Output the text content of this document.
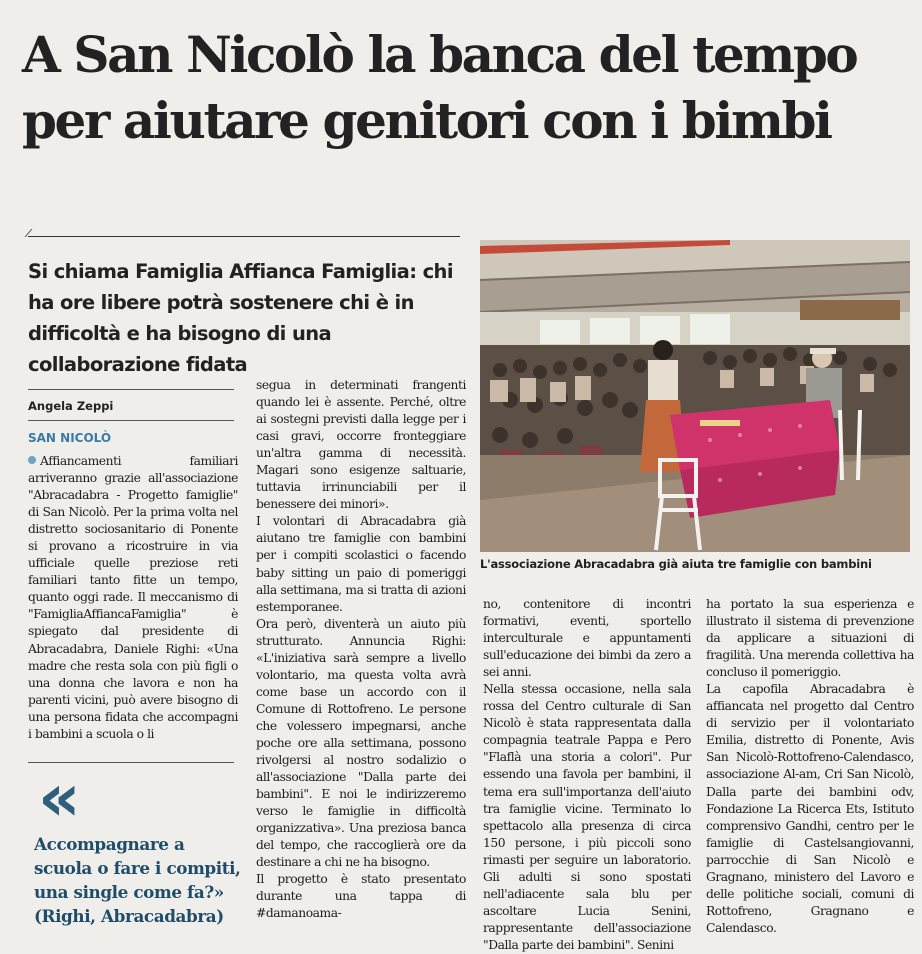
A San Nicolò la banca del tempo per aiutare genitori con i bimbi
Si chiama Famiglia Affianca Famiglia: chi ha ore libere potrà sostenere chi è in difficoltà e ha bisogno di una collaborazione fidata
L'associazione Abracadabra già aiuta tre famiglie con bambini
Angela Zeppi
SAN NICOLÒ

Affiancamenti familiari arriveranno grazie all'associazione "Abracadabra - Progetto famiglie" di San Nicolò. Per la prima volta nel distretto sociosanitario di Ponente si provano a ricostruire in via ufficiale quelle preziose reti familiari tanto fitte un tempo, quanto oggi rade. Il meccanismo di "FamigliaAffiancaFamiglia" è spiegato dal presidente di Abracadabra, Daniele Righi: «Una madre che resta sola con più figli o una donna che lavora e non ha parenti vicini, può avere bisogno di una persona fidata che accompagni i bambini a scuola o li

«
Accompagnare a scuola o fare i compiti, una single come fa?» (Righi, Abracadabra)

segua in determinati frangenti quando lei è assente. Perché, oltre ai sostegni previsti dalla legge per i casi gravi, occorre fronteggiare un'altra gamma di necessità. Magari sono esigenze saltuarie, tuttavia irrinunciabili per il benessere dei minori».

I volontari di Abracadabra già aiutano tre famiglie con bambini per i compiti scolastici o facendo baby sitting un paio di pomeriggi alla settimana, ma si tratta di azioni estemporanee.

Ora però, diventerà un aiuto più strutturato. Annuncia Righi: «L'iniziativa sarà sempre a livello volontario, ma questa volta avrà come base un accordo con il Comune di Rottofreno. Le persone che volessero impegnarsi, anche poche ore alla settimana, possono rivolgersi al nostro sodalizio o all'associazione "Dalla parte dei bambini". E noi le indirizzeremo verso le famiglie in difficoltà organizzativa». Una preziosa banca del tempo, che raccoglierà ore da destinare a chi ne ha bisogno.

Il progetto è stato presentato durante una tappa di #damanoama-

no, contenitore di incontri formativi, eventi, sportello interculturale e appuntamenti sull'educazione dei bimbi da zero a sei anni.

Nella stessa occasione, nella sala rossa del Centro culturale di San Nicolò è stata rappresentata dalla compagnia teatrale Pappa e Pero "Flaflà una storia a colori". Pur essendo una favola per bambini, il tema era sull'importanza dell'aiuto tra famiglie vicine. Terminato lo spettacolo alla presenza di circa 150 persone, i più piccoli sono rimasti per seguire un laboratorio. Gli adulti si sono spostati nell'adiacente sala blu per ascoltare Lucia Senini, rappresentante dell'associazione "Dalla parte dei bambini". Senini

ha portato la sua esperienza e illustrato il sistema di prevenzione da applicare a situazioni di fragilità. Una merenda collettiva ha concluso il pomeriggio.

La capofila Abracadabra è affiancata nel progetto dal Centro di servizio per il volontariato Emilia, distretto di Ponente, Avis San Nicolò-Rottofreno-Calendasco, associazione Al-am, Cri San Nicolò, Dalla parte dei bambini odv, Fondazione La Ricerca Ets, Istituto comprensivo Gandhi, centro per le famiglie di Castelsangiovanni, parrocchie di San Nicolò e Gragnano, ministero del Lavoro e delle politiche sociali, comuni di Rottofreno, Gragnano e Calendasco.
